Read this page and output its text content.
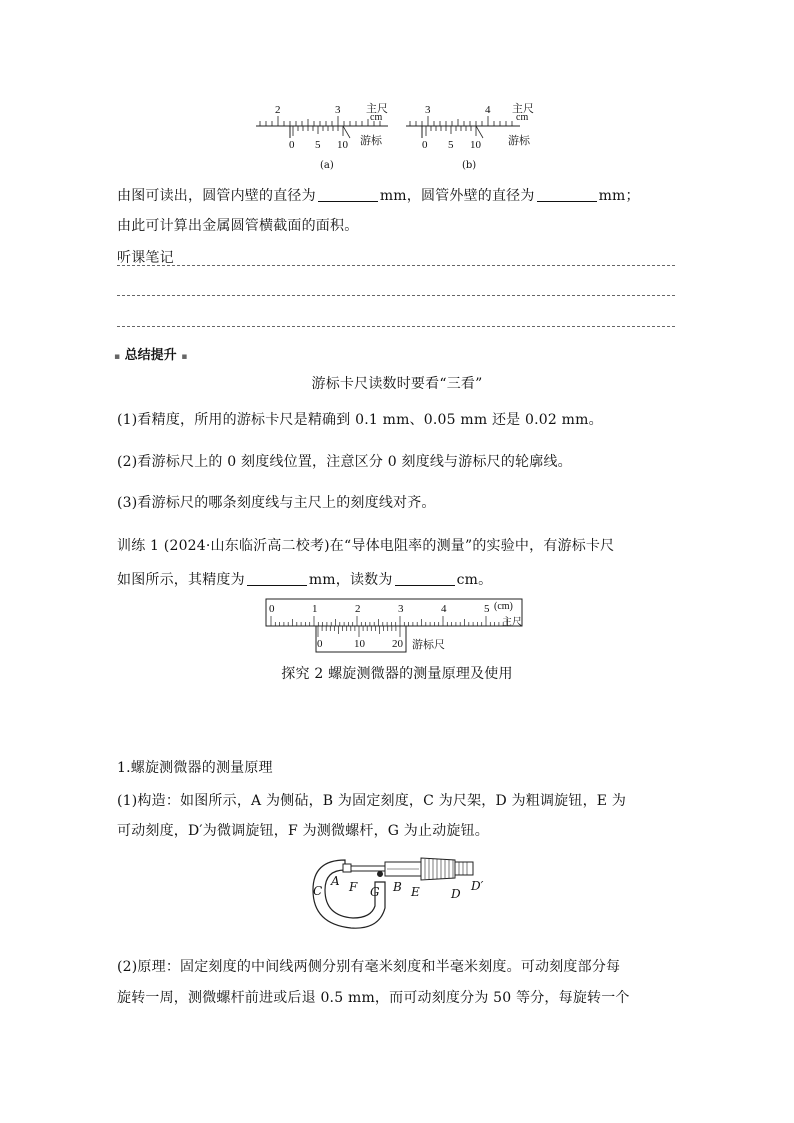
2	3 主尺
cm
0 5 10 游标
(a)
3	4 主尺
cm
0 5 10 游标
(b)
由图可读出，圆管内壁的直径为	mm，圆管外壁的直径为	mm；
由此可计算出金属圆管横截面的面积。
听课笔记
▪ 总结提升 ▪
游标卡尺读数时要看“三看”
(1)看精度，所用的游标卡尺是精确到 0.1 mm、0.05 mm 还是 0.02 mm。
(2)看游标尺上的 0 刻度线位置，注意区分 0 刻度线与游标尺的轮廓线。
(3)看游标尺的哪条刻度线与主尺上的刻度线对齐。
训练 1 (2024·山东临沂高二校考)在“导体电阻率的测量”的实验中，有游标卡尺
如图所示，其精度为	mm，读数为	cm。
0	1	2	3	4	5 (cm)
主尺
0	10 20 游标尺
探究 2 螺旋测微器的测量原理及使用
1.螺旋测微器的测量原理
(1)构造：如图所示，A 为侧砧，B 为固定刻度，C 为尺架，D 为粗调旋钮，E 为
可动刻度，D′为微调旋钮，F 为测微螺杆，G 为止动旋钮。
C
A F G B E	D
D′
(2)原理：固定刻度的中间线两侧分别有毫米刻度和半毫米刻度。可动刻度部分每
旋转一周，测微螺杆前进或后退 0.5 mm，而可动刻度分为 50 等分，每旋转一个
